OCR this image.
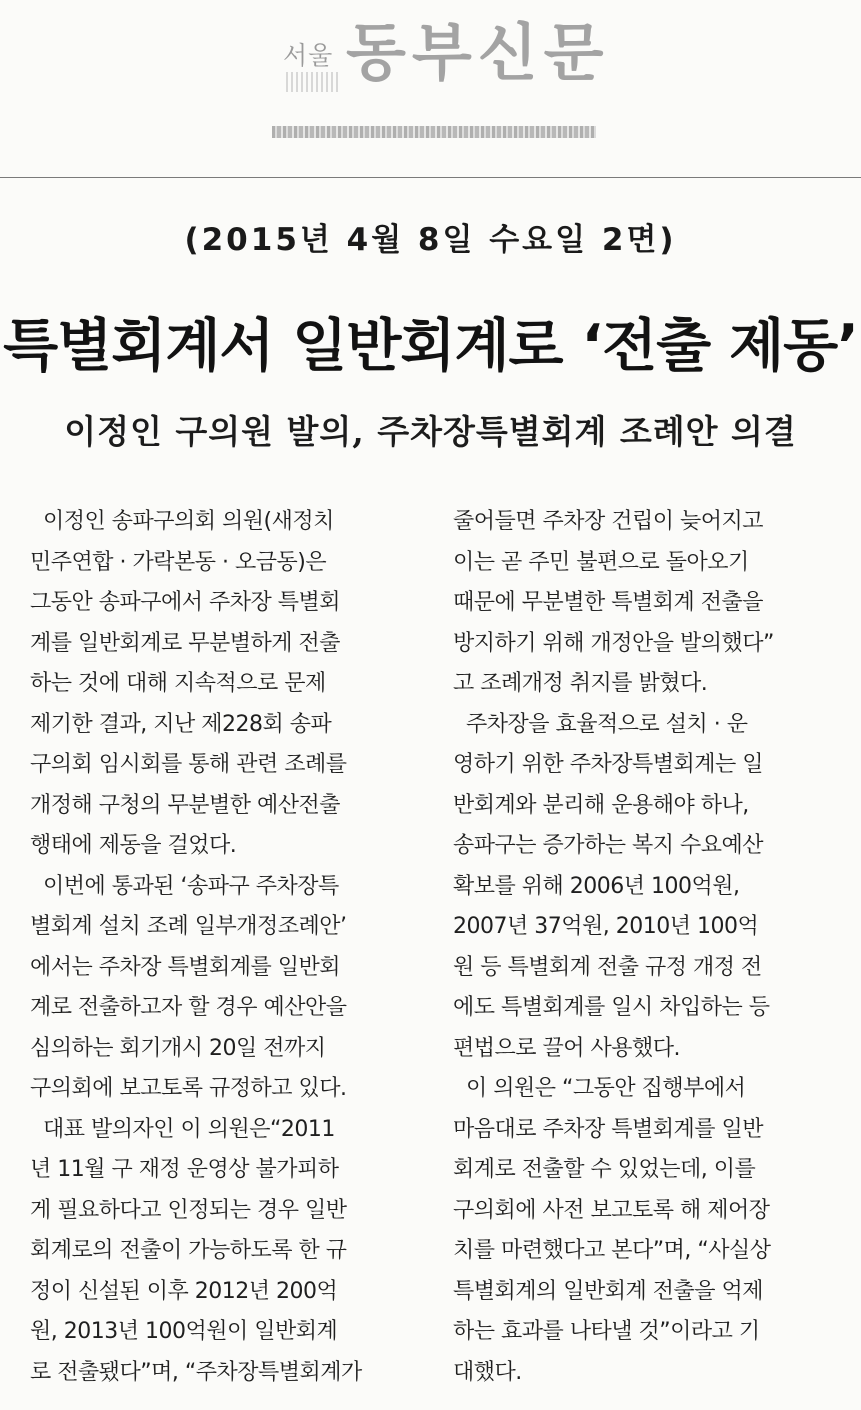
서울 동부신문
(2015년 4월 8일 수요일 2면)
특별회계서 일반회계로 ‘전출 제동’
이정인 구의원 발의, 주차장특별회계 조례안 의결
이정인 송파구의회 의원(새정치
민주연합 · 가락본동 · 오금동)은
그동안 송파구에서 주차장 특별회
계를 일반회계로 무분별하게 전출
하는 것에 대해 지속적으로 문제
제기한 결과, 지난 제228회 송파
구의회 임시회를 통해 관련 조례를
개정해 구청의 무분별한 예산전출
행태에 제동을 걸었다.
이번에 통과된 ‘송파구 주차장특
별회계 설치 조례 일부개정조례안’
에서는 주차장 특별회계를 일반회
계로 전출하고자 할 경우 예산안을
심의하는 회기개시 20일 전까지
구의회에 보고토록 규정하고 있다.
대표 발의자인 이 의원은“2011
년 11월 구 재정 운영상 불가피하
게 필요하다고 인정되는 경우 일반
회계로의 전출이 가능하도록 한 규
정이 신설된 이후 2012년 200억
원, 2013년 100억원이 일반회계
로 전출됐다”며, “주차장특별회계가
줄어들면 주차장 건립이 늦어지고
이는 곧 주민 불편으로 돌아오기
때문에 무분별한 특별회계 전출을
방지하기 위해 개정안을 발의했다”
고 조례개정 취지를 밝혔다.
주차장을 효율적으로 설치 · 운
영하기 위한 주차장특별회계는 일
반회계와 분리해 운용해야 하나,
송파구는 증가하는 복지 수요예산
확보를 위해 2006년 100억원,
2007년 37억원, 2010년 100억
원 등 특별회계 전출 규정 개정 전
에도 특별회계를 일시 차입하는 등
편법으로 끌어 사용했다.
이 의원은 “그동안 집행부에서
마음대로 주차장 특별회계를 일반
회계로 전출할 수 있었는데, 이를
구의회에 사전 보고토록 해 제어장
치를 마련했다고 본다”며, “사실상
특별회계의 일반회계 전출을 억제
하는 효과를 나타낼 것”이라고 기
대했다.
